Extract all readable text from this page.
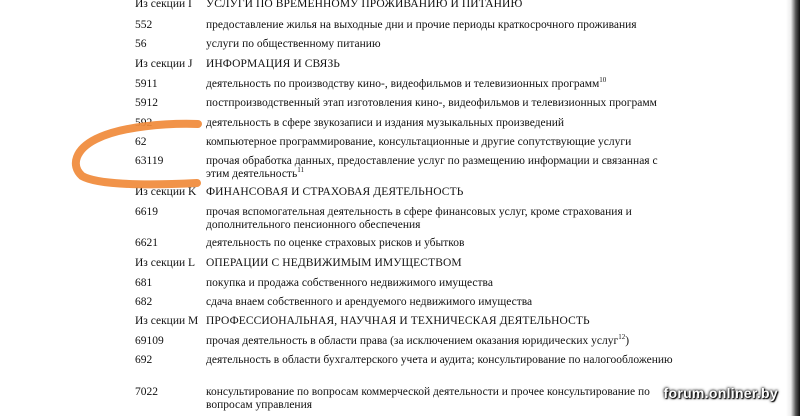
Из секции I УСЛУГИ ПО ВРЕМЕННОМУ ПРОЖИВАНИЮ И ПИТАНИЮ
552	предоставление жилья на выходные дни и прочие периоды краткосрочного проживания
56	услуги по общественному питанию
Из секции J ИНФОРМАЦИЯ И СВЯЗЬ
5911	деятельность по производству кино-, видеофильмов и телевизионных программ$^{10}$
5912	постпроизводственный этап изготовления кино-, видеофильмов и телевизионных программ
592	деятельность в сфере звукозаписи и издания музыкальных произведений
62	компьютерное программирование, консультационные и другие сопутствующие услуги
63119	прочая обработка данных, предоставление услуг по размещению информации и связанная с этим деятельность$^{11}$
Из секции K ФИНАНСОВАЯ И СТРАХОВАЯ ДЕЯТЕЛЬНОСТЬ
6619	прочая вспомогательная деятельность в сфере финансовых услуг, кроме страхования и дополнительного пенсионного обеспечения
6621	деятельность по оценке страховых рисков и убытков
Из секции L ОПЕРАЦИИ С НЕДВИЖИМЫМ ИМУЩЕСТВОМ
681	покупка и продажа собственного недвижимого имущества
682	сдача внаем собственного и арендуемого недвижимого имущества
Из секции M ПРОФЕССИОНАЛЬНАЯ, НАУЧНАЯ И ТЕХНИЧЕСКАЯ ДЕЯТЕЛЬНОСТЬ
69109	прочая деятельность в области права (за исключением оказания юридических услуг$^{12}$)
692	деятельность в области бухгалтерского учета и аудита; консультирование по налогообложению
7022	консультирование по вопросам коммерческой деятельности и прочее консультирование по вопросам управления
forum.onliner.by
